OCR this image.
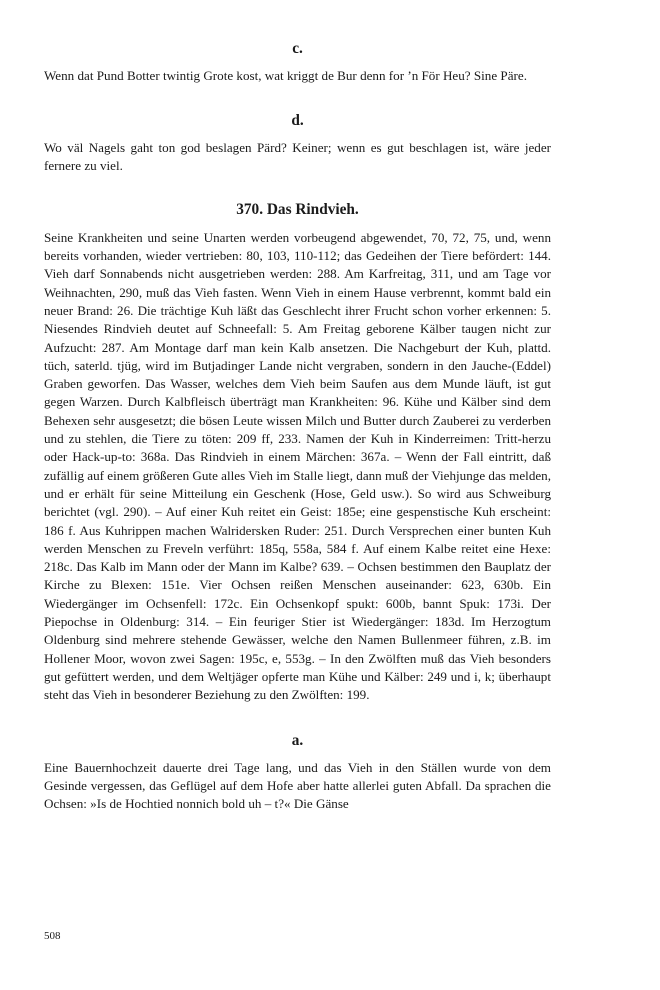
c.

Wenn dat Pund Botter twintig Grote kost, wat kriggt de Bur denn for ’n För Heu? Sine Päre.

d.

Wo väl Nagels gaht ton god beslagen Pärd? Keiner; wenn es gut beschlagen ist, wäre jeder fernere zu viel.

370. Das Rindvieh.

Seine Krankheiten und seine Unarten werden vorbeugend abgewendet, 70, 72, 75, und, wenn bereits vorhanden, wieder vertrieben: 80, 103, 110-112; das Gedeihen der Tiere befördert: 144. Vieh darf Sonnabends nicht ausgetrieben werden: 288. Am Karfreitag, 311, und am Tage vor Weihnachten, 290, muß das Vieh fasten. Wenn Vieh in einem Hause verbrennt, kommt bald ein neuer Brand: 26. Die trächtige Kuh läßt das Geschlecht ihrer Frucht schon vorher erkennen: 5. Niesendes Rindvieh deutet auf Schneefall: 5. Am Freitag geborene Kälber taugen nicht zur Aufzucht: 287. Am Montage darf man kein Kalb ansetzen. Die Nachgeburt der Kuh, plattd. tüch, saterld. tjüg, wird im Butjadinger Lande nicht vergraben, sondern in den Jauche-(Eddel) Graben geworfen. Das Wasser, welches dem Vieh beim Saufen aus dem Munde läuft, ist gut gegen Warzen. Durch Kalbfleisch überträgt man Krankheiten: 96. Kühe und Kälber sind dem Behexen sehr ausgesetzt; die bösen Leute wissen Milch und Butter durch Zauberei zu verderben und zu stehlen, die Tiere zu töten: 209 ff, 233. Namen der Kuh in Kinderreimen: Tritt-herzu oder Hack-up-to: 368a. Das Rindvieh in einem Märchen: 367a. – Wenn der Fall eintritt, daß zufällig auf einem größeren Gute alles Vieh im Stalle liegt, dann muß der Viehjunge das melden, und er erhält für seine Mitteilung ein Geschenk (Hose, Geld usw.). So wird aus Schweiburg berichtet (vgl. 290). – Auf einer Kuh reitet ein Geist: 185e; eine gespenstische Kuh erscheint: 186 f. Aus Kuhrippen machen Walridersken Ruder: 251. Durch Versprechen einer bunten Kuh werden Menschen zu Freveln verführt: 185q, 558a, 584 f. Auf einem Kalbe reitet eine Hexe: 218c. Das Kalb im Mann oder der Mann im Kalbe? 639. – Ochsen bestimmen den Bauplatz der Kirche zu Blexen: 151e. Vier Ochsen reißen Menschen auseinander: 623, 630b. Ein Wiedergänger im Ochsenfell: 172c. Ein Ochsenkopf spukt: 600b, bannt Spuk: 173i. Der Piepochse in Oldenburg: 314. – Ein feuriger Stier ist Wiedergänger: 183d. Im Herzogtum Oldenburg sind mehrere stehende Gewässer, welche den Namen Bullenmeer führen, z.B. im Hollener Moor, wovon zwei Sagen: 195c, e, 553g. – In den Zwölften muß das Vieh besonders gut gefüttert werden, und dem Weltjäger opferte man Kühe und Kälber: 249 und i, k; überhaupt steht das Vieh in besonderer Beziehung zu den Zwölften: 199.

a.

Eine Bauernhochzeit dauerte drei Tage lang, und das Vieh in den Ställen wurde von dem Gesinde vergessen, das Geflügel auf dem Hofe aber hatte allerlei guten Abfall. Da sprachen die Ochsen: »Is de Hochtied nonnich bold uh – t?« Die Gänse

508
